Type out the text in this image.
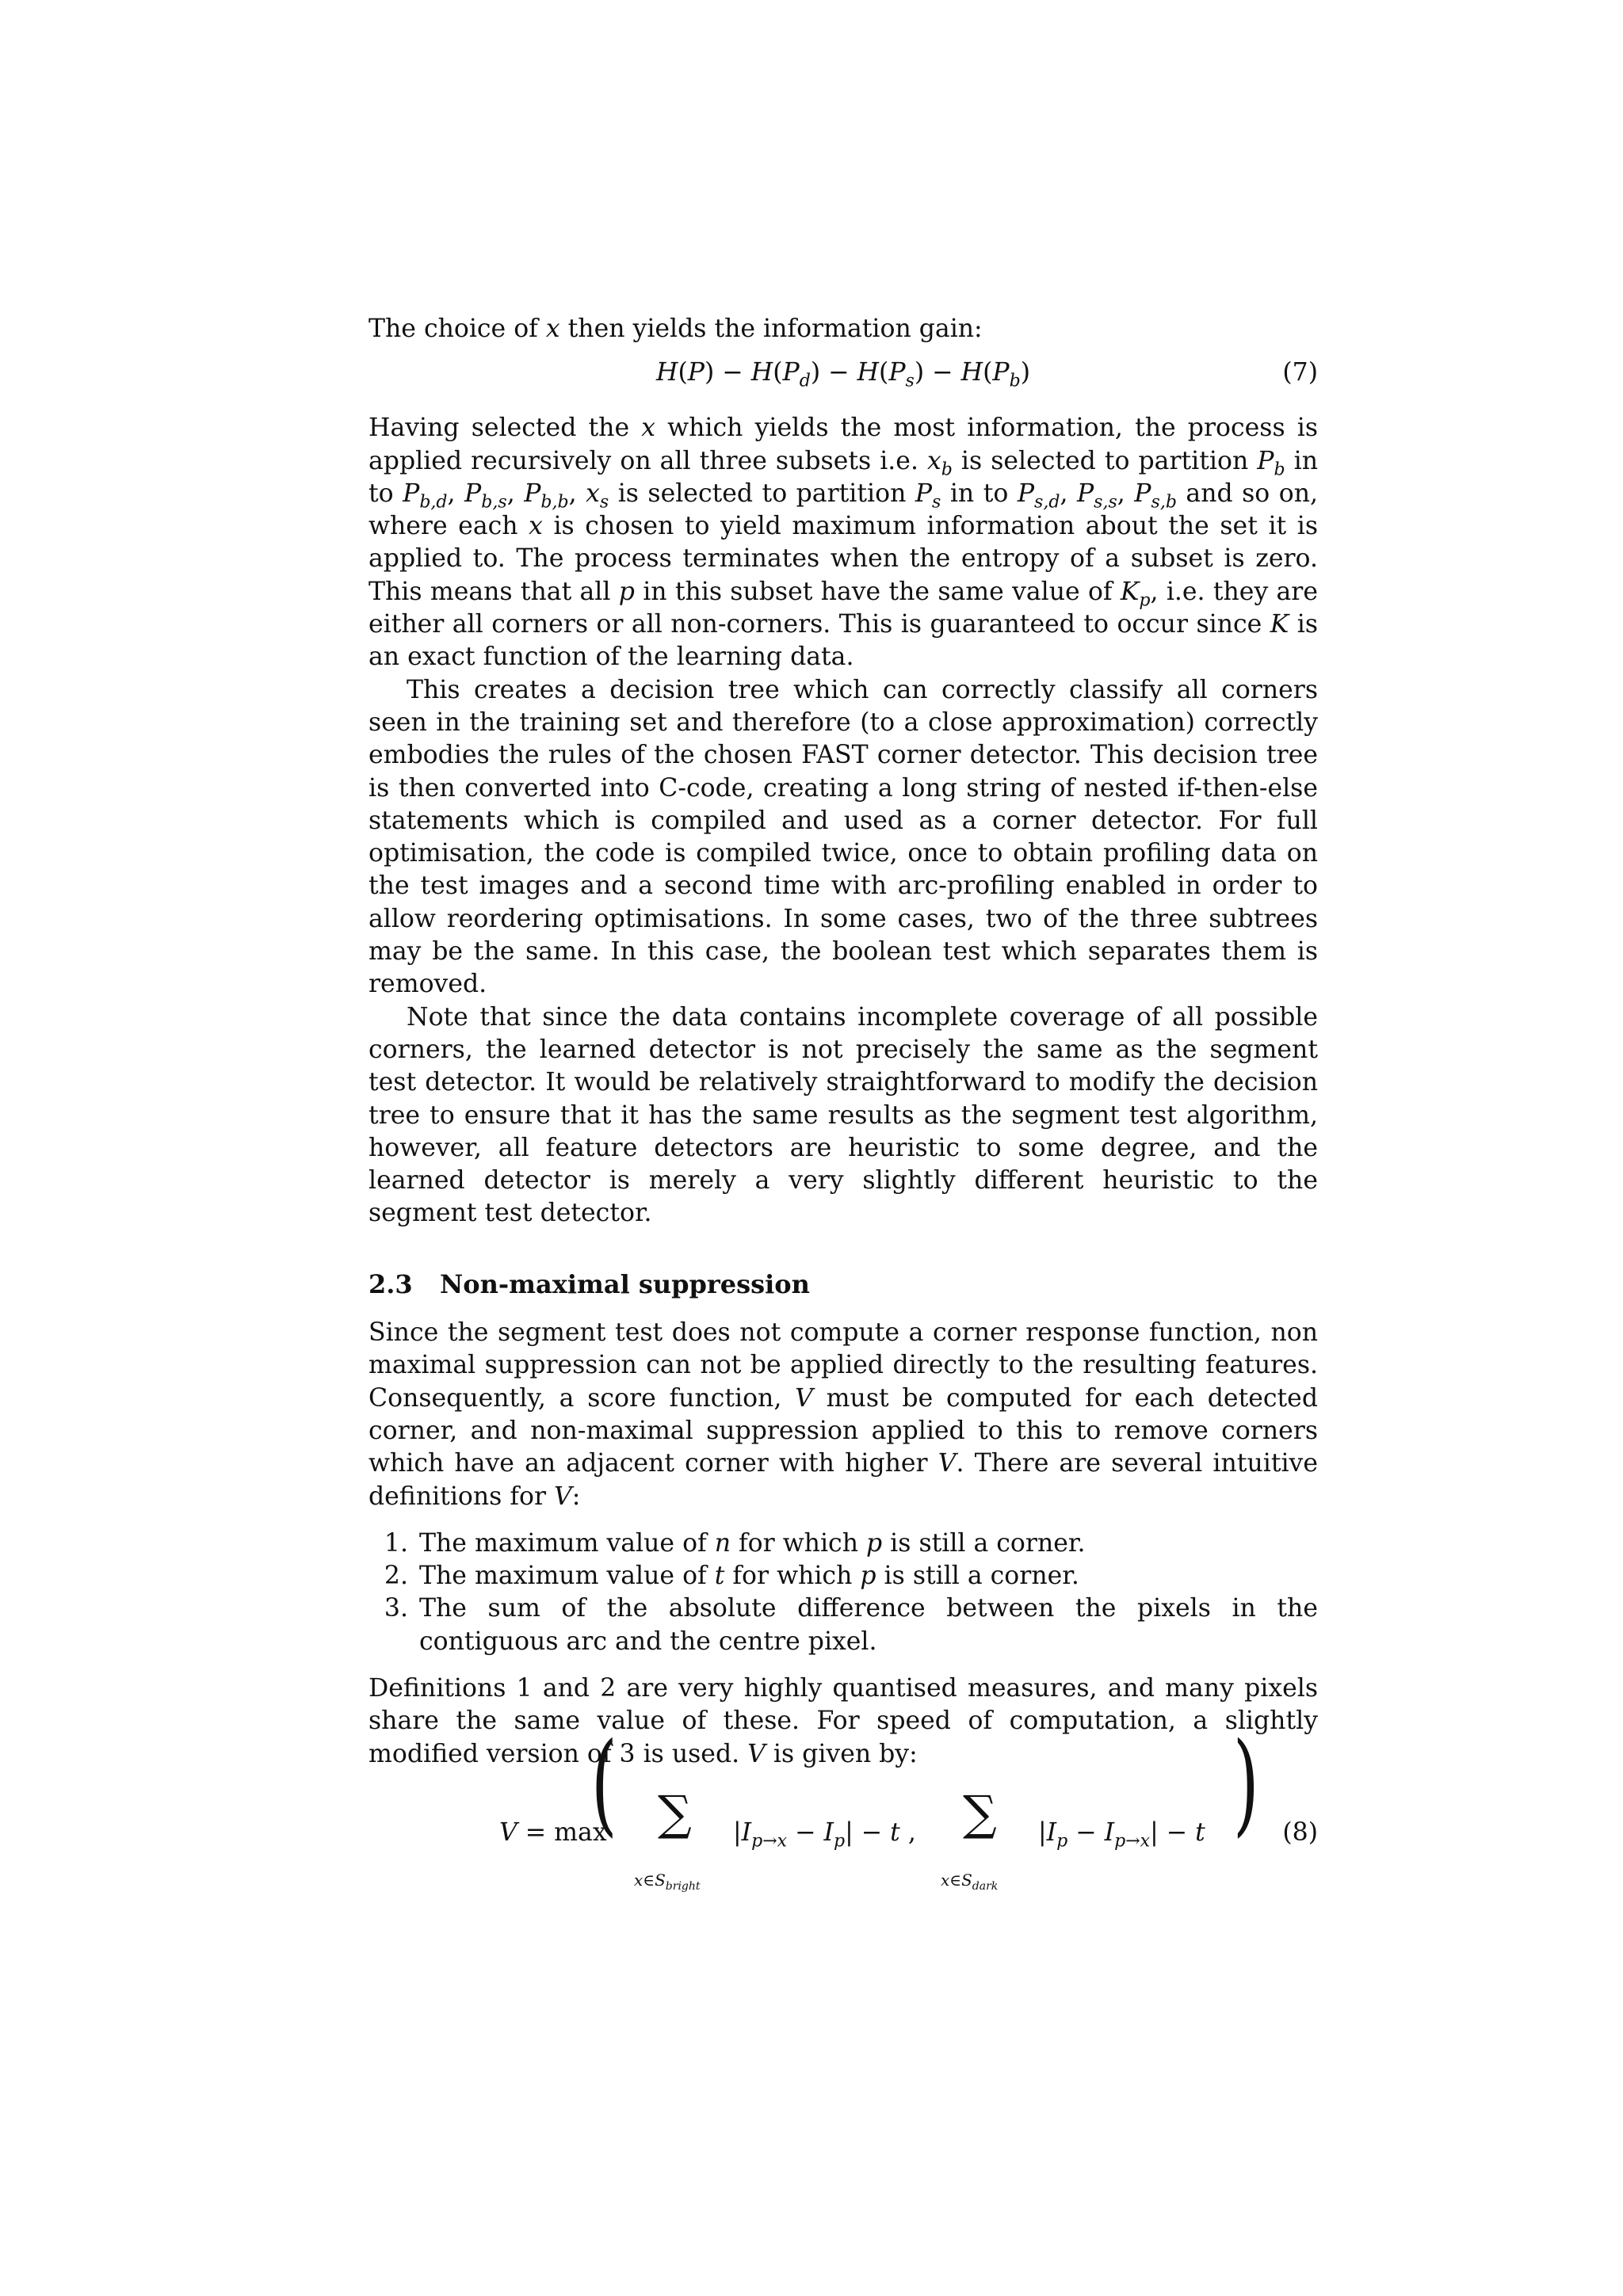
The choice of x then yields the information gain:

$H(P) - H(P_d) - H(P_s) - H(P_b)$	(7)

Having selected the x which yields the most information, the process is applied recursively on all three subsets i.e. $x_b$ is selected to partition $P_b$ in to $P_{b,d}$, $P_{b,s}$, $P_{b,b}$, $x_s$ is selected to partition $P_s$ in to $P_{s,d}$, $P_{s,s}$, $P_{s,b}$ and so on, where each x is chosen to yield maximum information about the set it is applied to. The process terminates when the entropy of a subset is zero. This means that all p in this subset have the same value of $K_p$, i.e. they are either all corners or all non-corners. This is guaranteed to occur since K is an exact function of the learning data.

This creates a decision tree which can correctly classify all corners seen in the training set and therefore (to a close approximation) correctly embodies the rules of the chosen FAST corner detector. This decision tree is then converted into C-code, creating a long string of nested if-then-else statements which is compiled and used as a corner detector. For full optimisation, the code is compiled twice, once to obtain profiling data on the test images and a second time with arc-profiling enabled in order to allow reordering optimisations. In some cases, two of the three subtrees may be the same. In this case, the boolean test which separates them is removed.

Note that since the data contains incomplete coverage of all possible corners, the learned detector is not precisely the same as the segment test detector. It would be relatively straightforward to modify the decision tree to ensure that it has the same results as the segment test algorithm, however, all feature detectors are heuristic to some degree, and the learned detector is merely a very slightly different heuristic to the segment test detector.

2.3 Non-maximal suppression

Since the segment test does not compute a corner response function, non maximal suppression can not be applied directly to the resulting features. Consequently, a score function, V must be computed for each detected corner, and non-maximal suppression applied to this to remove corners which have an adjacent corner with higher V. There are several intuitive definitions for V:

1. The maximum value of n for which p is still a corner.
2. The maximum value of t for which p is still a corner.
3. The sum of the absolute difference between the pixels in the contiguous arc and the centre pixel.

Definitions 1 and 2 are very highly quantised measures, and many pixels share the same value of these. For speed of computation, a slightly modified version of 3 is used. V is given by:

V = max
( ∑
$x\in S_{bright}$
$|I_{p\to x} - I_p| - t$ , ∑
$x\in S_{dark}$
$|I_p - I_{p\to x}| - t$ ) (8)
